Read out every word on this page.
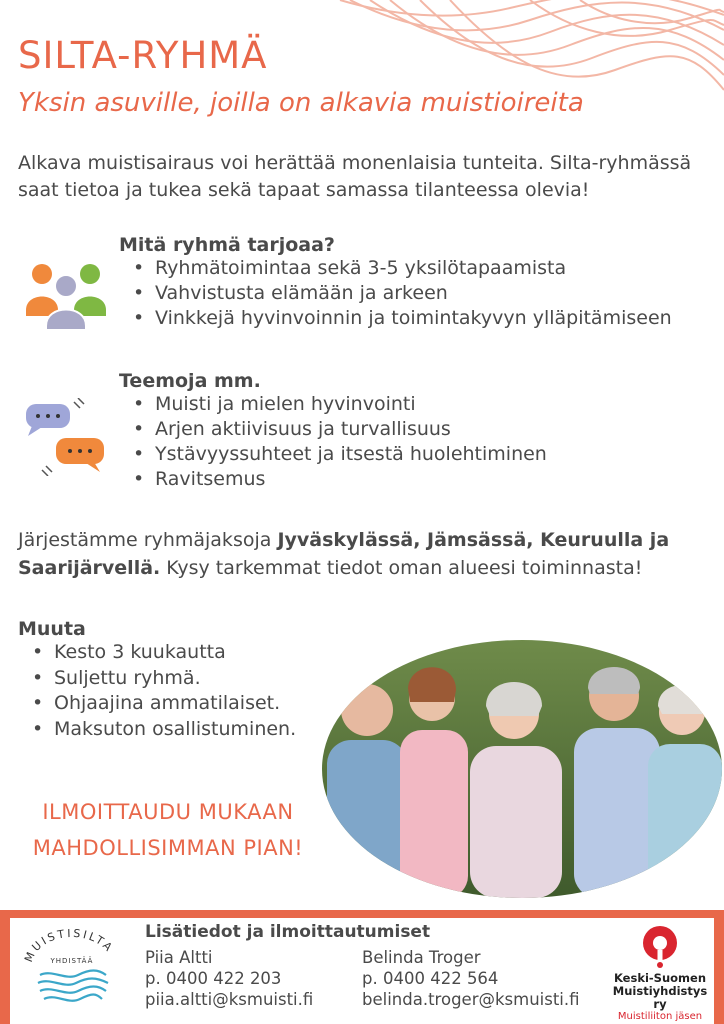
SILTA-RYHMÄ
Yksin asuville, joilla on alkavia muistioireita
Alkava muistisairaus voi herättää monenlaisia tunteita. Silta-ryhmässä saat tietoa ja tukea sekä tapaat samassa tilanteessa olevia!
Mitä ryhmä tarjoaa?
• Ryhmätoimintaa sekä 3-5 yksilötapaamista
• Vahvistusta elämään ja arkeen
• Vinkkejä hyvinvoinnin ja toimintakyvyn ylläpitämiseen
Teemoja mm.
• Muisti ja mielen hyvinvointi
• Arjen aktiivisuus ja turvallisuus
• Ystävyyssuhteet ja itsestä huolehtiminen
• Ravitsemus
Järjestämme ryhmäjaksoja Jyväskylässä, Jämsässä, Keuruulla ja Saarijärvellä. Kysy tarkemmat tiedot oman alueesi toiminnasta!
Muuta
• Kesto 3 kuukautta
• Suljettu ryhmä.
• Ohjaajina ammatilaiset.
• Maksuton osallistuminen.
ILMOITTAUDU MUKAAN
MAHDOLLISIMMAN PIAN!
MUISTISILTA
YHDISTÄÄ
Lisätiedot ja ilmoittautumiset
Piia Altti
p. 0400 422 203
piia.altti@ksmuisti.fi
Belinda Troger
p. 0400 422 564
belinda.troger@ksmuisti.fi
Keski-Suomen
Muistiyhdistys ry
Muistiliiton jäsen
